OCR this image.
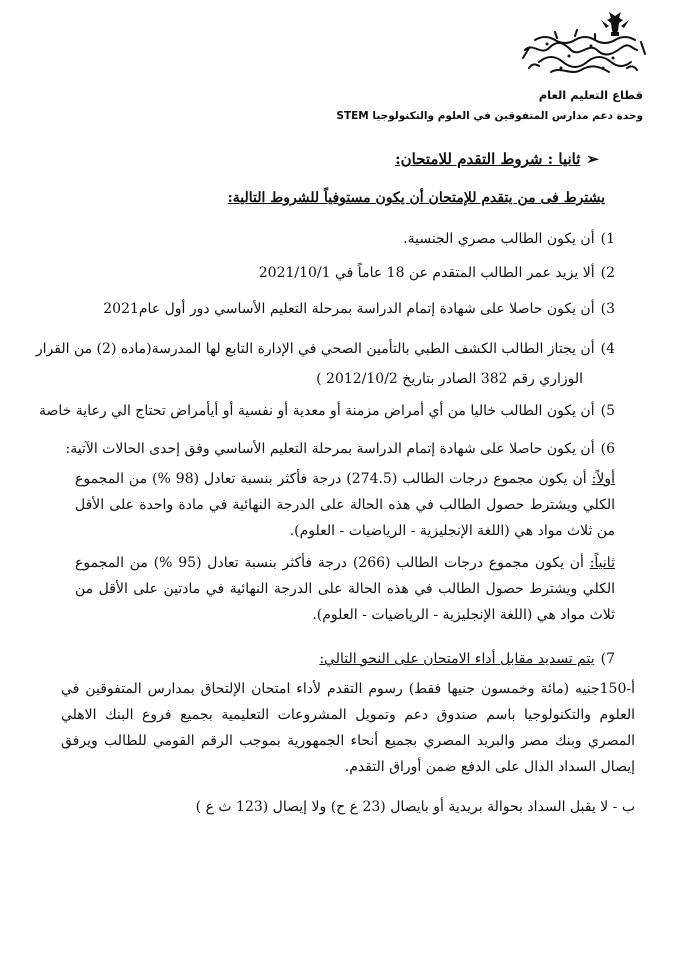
قطاع التعليم العام
وحدة دعم مدارس المتفوقين في العلوم والتكنولوجيا STEM
➢ثانيا : شروط التقدم للامتحان:
يشترط فى من يتقدم للإمتحان أن يكون مستوفياً للشروط التالية:
1)أن يكون الطالب مصري الجنسية.
2)ألا يزيد عمر الطالب المتقدم عن 18 عاماً في 2021/10/1
3)أن يكون حاصلا على شهادة إتمام الدراسة بمرحلة التعليم الأساسي دور أول عام2021
4)أن يجتاز الطالب الكشف الطبي بالتأمين الصحي في الإدارة التابع لها المدرسة(ماده (2) من القرار
الوزاري رقم 382 الصادر بتاريخ 2012/10/2 )
5)أن يكون الطالب خاليا من أي أمراض مزمنة أو معدية أو نفسية أو أيأمراض تحتاج الي رعاية خاصة
6)أن يكون حاصلا على شهادة إتمام الدراسة بمرحلة التعليم الأساسي وفق إحدى الحالات الآتية:
أولاً: أن يكون مجموع درجات الطالب (274.5) درجة فأكثر بنسبة تعادل (98 %) من المجموع الكلي ويشترط حصول الطالب في هذه الحالة على الدرجة النهائية في مادة واحدة على الأقل من ثلاث مواد هي (اللغة الإنجليزية - الرياضيات - العلوم).
ثانياً: أن يكون مجموع درجات الطالب (266) درجة فأكثر بنسبة تعادل (95 %) من المجموع الكلي ويشترط حصول الطالب في هذه الحالة على الدرجة النهائية في مادتين على الأقل من ثلاث مواد هي (اللغة الإنجليزية - الرياضيات - العلوم).
7)يتم تسديد مقابل أداء الامتحان على النحو التالي:
أ-150جنيه (مائة وخمسون جنيها فقط) رسوم التقدم لأداء امتحان الإلتحاق بمدارس المتفوقين في العلوم والتكنولوجيا باسم صندوق دعم وتمويل المشروعات التعليمية بجميع فروع البنك الاهلي المصري وبنك مصر والبريد المصري بجميع أنحاء الجمهورية بموجب الرقم القومي للطالب ويرفق إيصال السداد الدال على الدفع ضمن أوراق التقدم.
ب - لا يقبل السداد بحوالة بريدية أو بايصال (23 ع ح) ولا إيصال (123 ث ع )
